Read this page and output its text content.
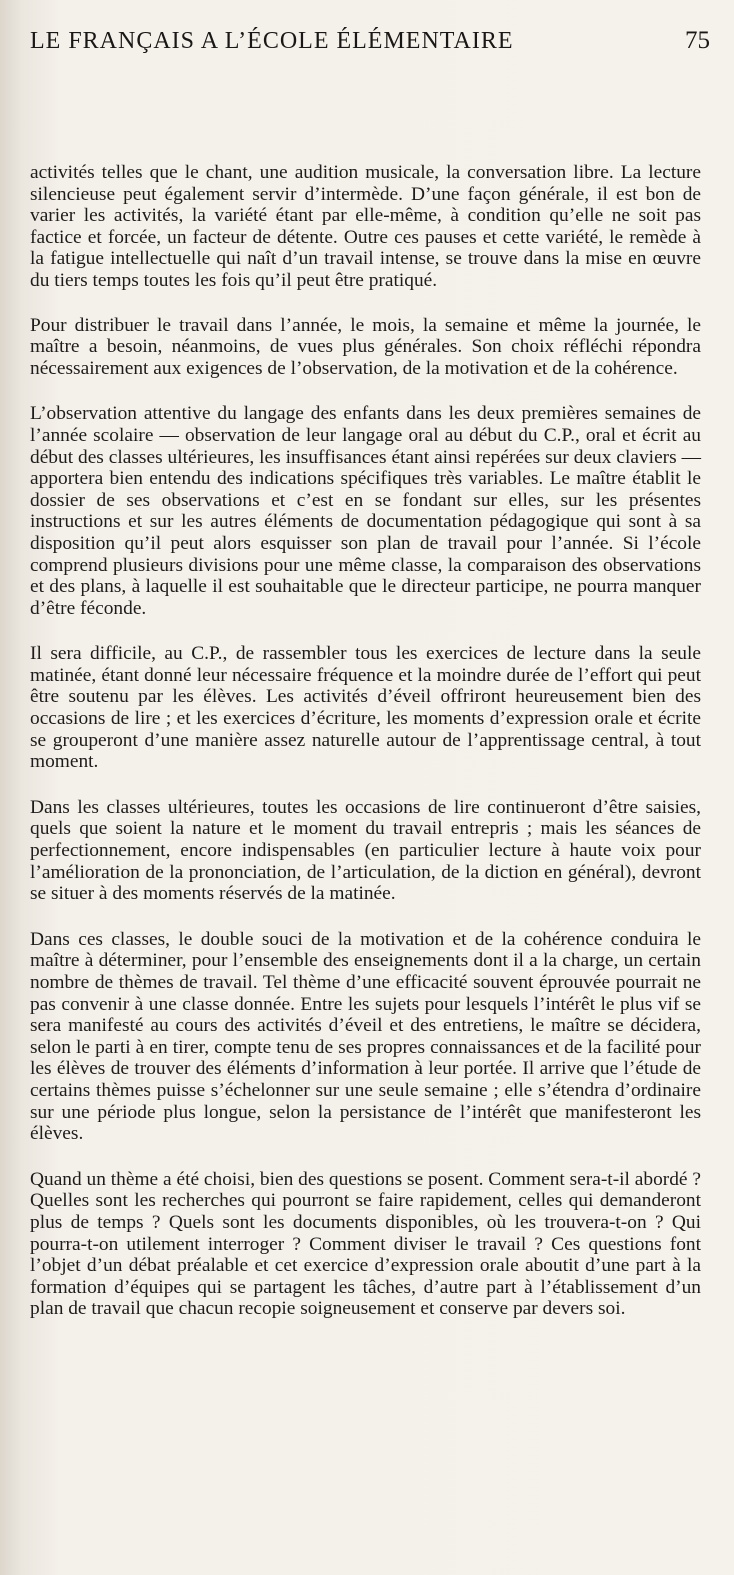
LE FRANÇAIS A L’ÉCOLE ÉLÉMENTAIRE	75

activités telles que le chant, une audition musicale, la conversation libre. La lecture silencieuse peut également servir d’intermède. D’une façon générale, il est bon de varier les activités, la variété étant par elle-même, à condition qu’elle ne soit pas factice et forcée, un facteur de détente. Outre ces pauses et cette variété, le remède à la fatigue intellectuelle qui naît d’un travail intense, se trouve dans la mise en œuvre du tiers temps toutes les fois qu’il peut être pratiqué.

Pour distribuer le travail dans l’année, le mois, la semaine et même la journée, le maître a besoin, néanmoins, de vues plus générales. Son choix réfléchi répondra nécessairement aux exigences de l’observation, de la motivation et de la cohérence.

L’observation attentive du langage des enfants dans les deux premières semaines de l’année scolaire — observation de leur langage oral au début du C.P., oral et écrit au début des classes ultérieures, les insuffisances étant ainsi repérées sur deux claviers — apportera bien entendu des indications spécifiques très variables. Le maître établit le dossier de ses observations et c’est en se fondant sur elles, sur les présentes instructions et sur les autres éléments de documentation pédagogique qui sont à sa disposition qu’il peut alors esquisser son plan de travail pour l’année. Si l’école comprend plusieurs divisions pour une même classe, la comparaison des observations et des plans, à laquelle il est souhaitable que le directeur participe, ne pourra manquer d’être féconde.

Il sera difficile, au C.P., de rassembler tous les exercices de lecture dans la seule matinée, étant donné leur nécessaire fréquence et la moindre durée de l’effort qui peut être soutenu par les élèves. Les activités d’éveil offriront heureusement bien des occasions de lire ; et les exercices d’écriture, les moments d’expression orale et écrite se grouperont d’une manière assez naturelle autour de l’apprentissage central, à tout moment.

Dans les classes ultérieures, toutes les occasions de lire continueront d’être saisies, quels que soient la nature et le moment du travail entrepris ; mais les séances de perfectionnement, encore indispensables (en particulier lecture à haute voix pour l’amélioration de la prononciation, de l’articulation, de la diction en général), devront se situer à des moments réservés de la matinée.

Dans ces classes, le double souci de la motivation et de la cohérence conduira le maître à déterminer, pour l’ensemble des enseignements dont il a la charge, un certain nombre de thèmes de travail. Tel thème d’une efficacité souvent éprouvée pourrait ne pas convenir à une classe donnée. Entre les sujets pour lesquels l’intérêt le plus vif se sera manifesté au cours des activités d’éveil et des entretiens, le maître se décidera, selon le parti à en tirer, compte tenu de ses propres connaissances et de la facilité pour les élèves de trouver des éléments d’information à leur portée. Il arrive que l’étude de certains thèmes puisse s’échelonner sur une seule semaine ; elle s’étendra d’ordinaire sur une période plus longue, selon la persistance de l’intérêt que manifesteront les élèves.

Quand un thème a été choisi, bien des questions se posent. Comment sera-t-il abordé ? Quelles sont les recherches qui pourront se faire rapidement, celles qui demanderont plus de temps ? Quels sont les documents disponibles, où les trouvera-t-on ? Qui pourra-t-on utilement interroger ? Comment diviser le travail ? Ces questions font l’objet d’un débat préalable et cet exercice d’expression orale aboutit d’une part à la formation d’équipes qui se partagent les tâches, d’autre part à l’établissement d’un plan de travail que chacun recopie soigneusement et conserve par devers soi.
